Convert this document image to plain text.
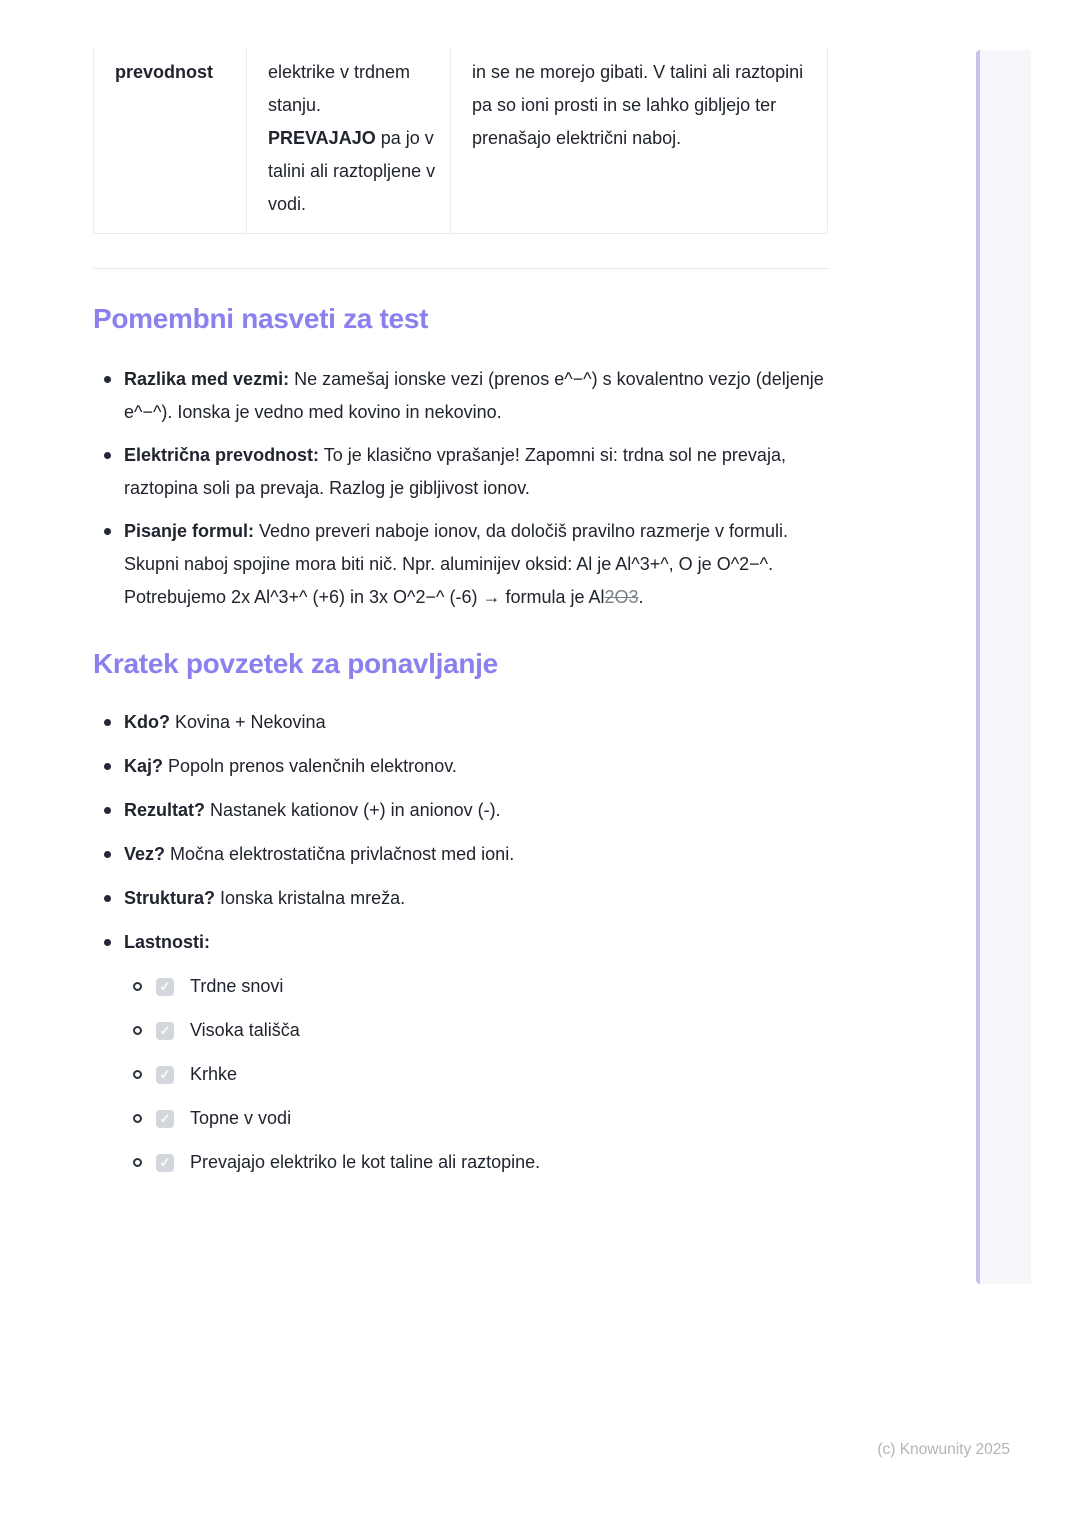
prevodnost	elektrike v trdnem stanju.
PREVAJAJO pa jo v talini ali raztopljene v vodi.
in se ne morejo gibati. V talini ali raztopini pa so ioni prosti in se lahko gibljejo ter prenašajo električni naboj.
Pomembni nasveti za test
Razlika med vezmi: Ne zamešaj ionske vezi (prenos e^−^) s kovalentno vezjo (deljenje e^−^). Ionska je vedno med kovino in nekovino.
Električna prevodnost: To je klasično vprašanje! Zapomni si: trdna sol ne prevaja, raztopina soli pa prevaja. Razlog je gibljivost ionov.
Pisanje formul: Vedno preveri naboje ionov, da določiš pravilno razmerje v formuli. Skupni naboj spojine mora biti nič. Npr. aluminijev oksid: Al je Al^3+^, O je O^2−^. Potrebujemo 2x Al^3+^ (+6) in 3x O^2−^ (-6) → formula je Al2O3.
Kratek povzetek za ponavljanje
Kdo? Kovina + Nekovina
Kaj? Popoln prenos valenčnih elektronov.
Rezultat? Nastanek kationov (+) in anionov (-).
Vez? Močna elektrostatična privlačnost med ioni.
Struktura? Ionska kristalna mreža.
Lastnosti:
✓ Trdne snovi
✓ Visoka tališča
✓ Krhke
✓ Topne v vodi
✓ Prevajajo elektriko le kot taline ali raztopine.
(c) Knowunity 2025
